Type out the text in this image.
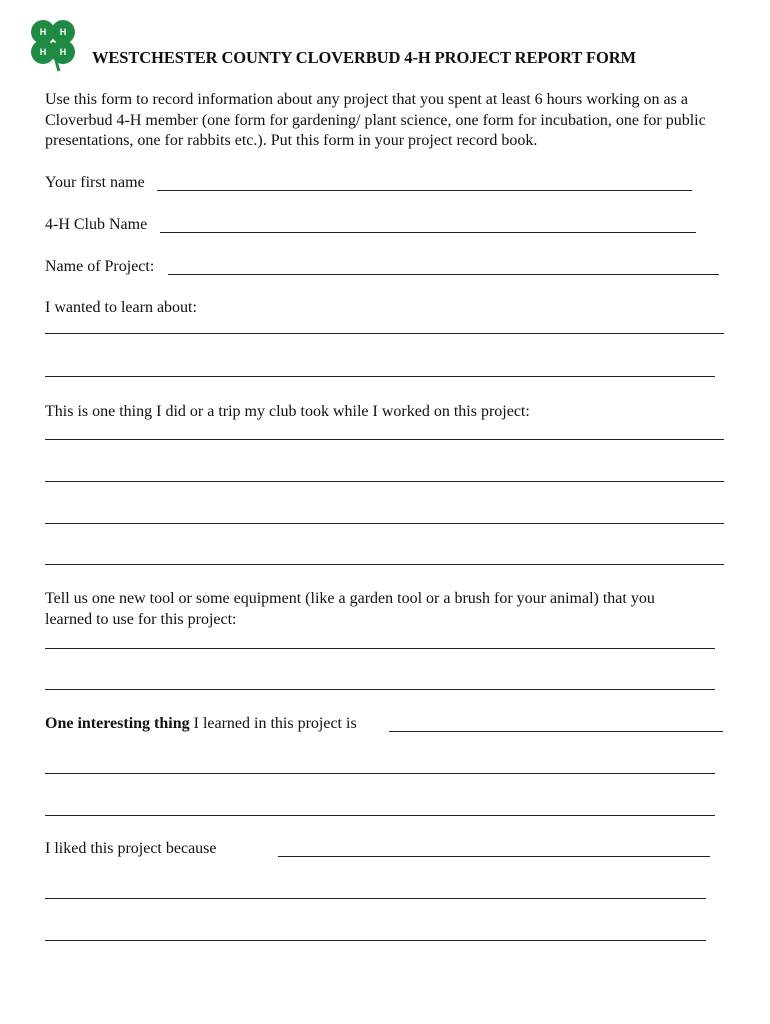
H H
H H WESTCHESTER COUNTY CLOVERBUD 4-H PROJECT REPORT FORM
Use this form to record information about any project that you spent at least 6 hours working on as a Cloverbud 4-H member (one form for gardening/ plant science, one form for incubation, one for public presentations, one for rabbits etc.). Put this form in your project record book.
Your first name
4-H Club Name
Name of Project:
I wanted to learn about:
This is one thing I did or a trip my club took while I worked on this project:
Tell us one new tool or some equipment (like a garden tool or a brush for your animal) that you
learned to use for this project:
One interesting thing I learned in this project is
I liked this project because
